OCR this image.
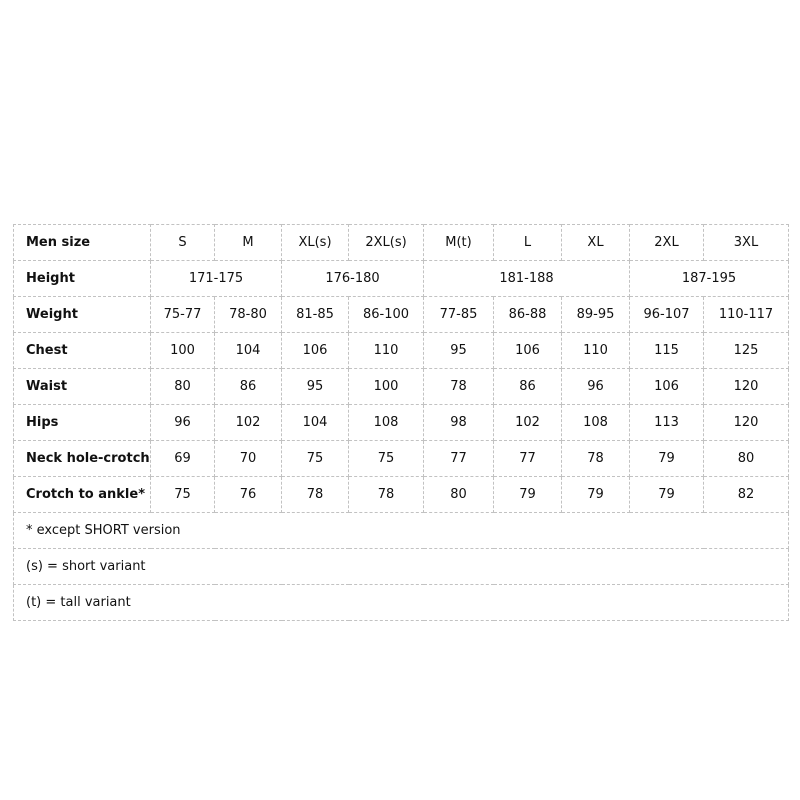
Men size	S	M	XL(s)	2XL(s)	M(t)	L	XL	2XL	3XL
Height	171-175		176-180		181-188			187-195	
Weight	75-77	78-80	81-85	86-100	77-85	86-88	89-95	96-107	110-117
Chest	100	104	106	110	95	106	110	115	125
Waist	80	86	95	100	78	86	96	106	120
Hips	96	102	104	108	98	102	108	113	120
Neck hole-crotch	69	70	75	75	77	77	78	79	80
Crotch to ankle*	75	76	78	78	80	79	79	79	82
* except SHORT version									
(s) = short variant									
(t) = tall variant									
